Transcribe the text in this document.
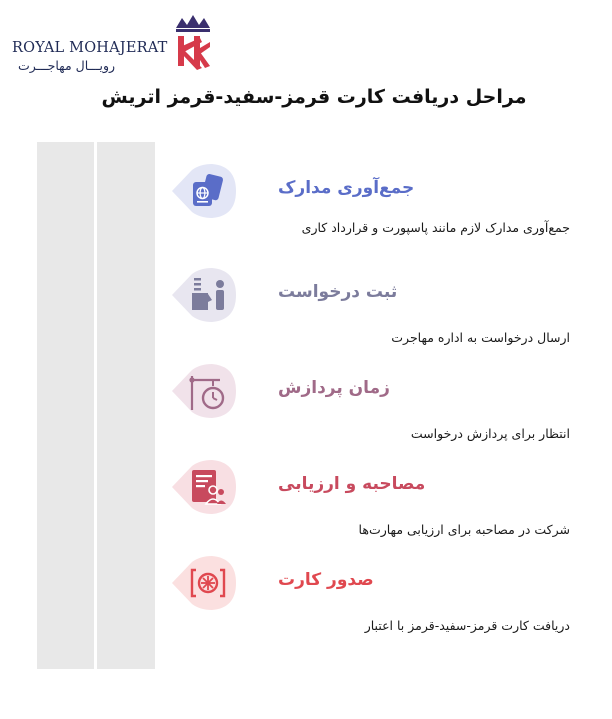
ROYAL MOHAJERAT
رویـــال مهاجـــرت
مراحل دریافت کارت قرمز-سفید-قرمز اتریش
جمع‌آوری مدارک
جمع‌آوری مدارک لازم مانند پاسپورت و قرارداد کاری
ثبت درخواست
ارسال درخواست به اداره مهاجرت
زمان پردازش
انتظار برای پردازش درخواست
مصاحبه و ارزیابی
شرکت در مصاحبه برای ارزیابی مهارت‌ها
صدور کارت
دریافت کارت قرمز-سفید-قرمز با اعتبار
